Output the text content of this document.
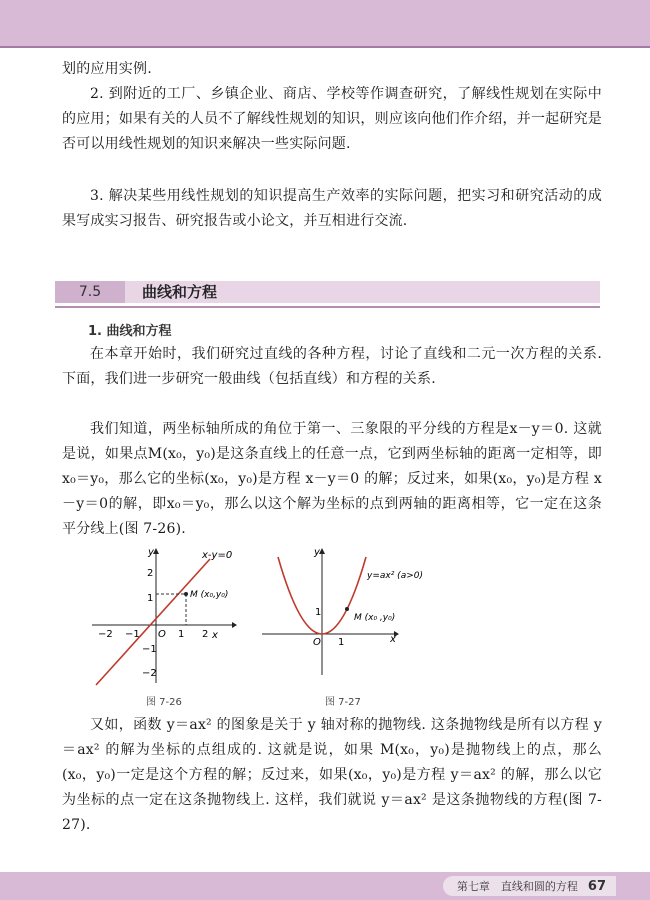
划的应用实例.

2. 到附近的工厂、乡镇企业、商店、学校等作调查研究，了解线性规划在实际中的应用；如果有关的人员不了解线性规划的知识，则应该向他们作介绍，并一起研究是否可以用线性规划的知识来解决一些实际问题.

3. 解决某些用线性规划的知识提高生产效率的实际问题，把实习和研究活动的成果写成实习报告、研究报告或小论文，并互相进行交流.

7.5	曲线和方程
1. 曲线和方程

在本章开始时，我们研究过直线的各种方程，讨论了直线和二元一次方程的关系. 下面，我们进一步研究一般曲线（包括直线）和方程的关系.

我们知道，两坐标轴所成的角位于第一、三象限的平分线的方程是x－y＝0. 这就是说，如果点M(x₀，y₀)是这条直线上的任意一点，它到两坐标轴的距离一定相等，即 x₀＝y₀，那么它的坐标(x₀，y₀)是方程 x－y＝0 的解；反过来，如果(x₀，y₀)是方程 x－y＝0的解，即x₀＝y₀，那么以这个解为坐标的点到两轴的距离相等，它一定在这条平分线上(图 7-26).

x-y=0
M (x₀,y₀)
y
x
O
−2 −1	1 2
2
1
−1
−2
图 7-26
y=ax² (a>0)
M (x₀ ,y₀)
y
x
O 1
1
图 7-27

又如，函数 y＝ax² 的图象是关于 y 轴对称的抛物线. 这条抛物线是所有以方程 y＝ax² 的解为坐标的点组成的. 这就是说，如果 M(x₀，y₀)是抛物线上的点，那么(x₀，y₀)一定是这个方程的解；反过来，如果(x₀，y₀)是方程 y＝ax² 的解，那么以它为坐标的点一定在这条抛物线上. 这样，我们就说 y＝ax² 是这条抛物线的方程(图 7-27).

第七章　直线和圆的方程 67
